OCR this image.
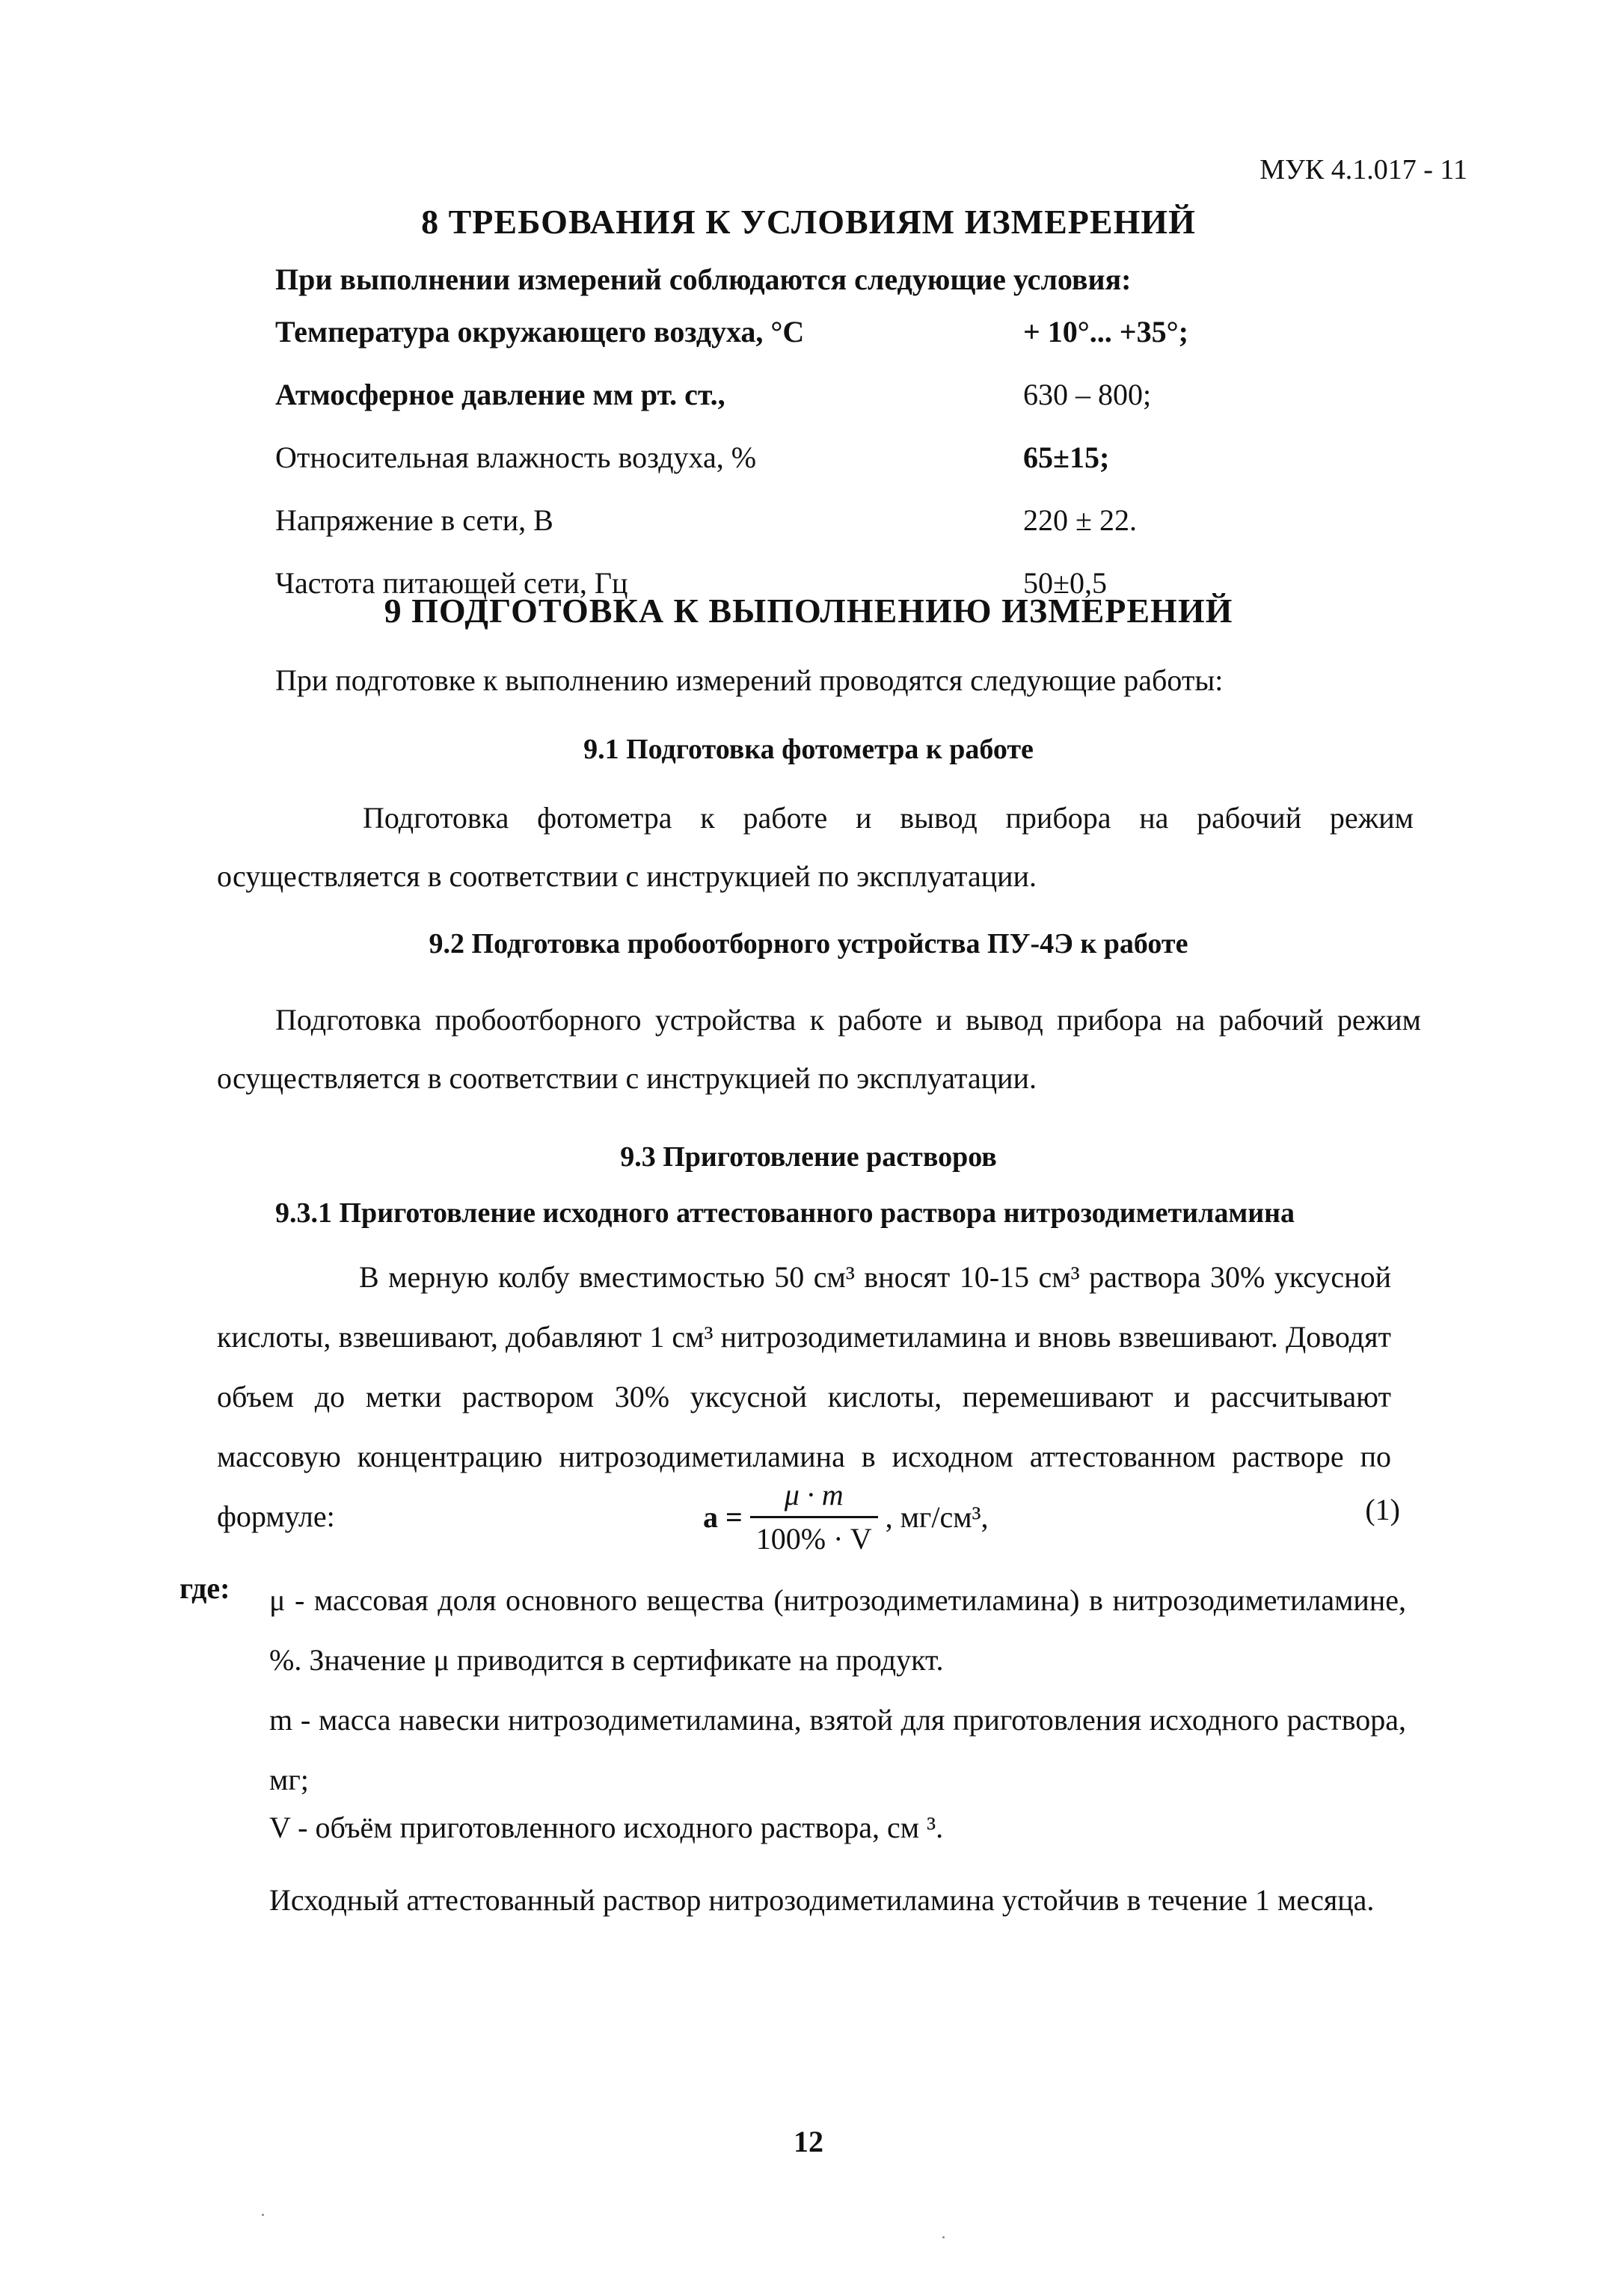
МУК 4.1.017 - 11
8 ТРЕБОВАНИЯ К УСЛОВИЯМ ИЗМЕРЕНИЙ
При выполнении измерений соблюдаются следующие условия:
Температура окружающего воздуха, °С	+ 10°... +35°;
Атмосферное давление мм рт. ст.,	630 – 800;
Относительная влажность воздуха, %	65±15;
Напряжение в сети, В	220 ± 22.
Частота питающей сети, Гц	50±0,5
9 ПОДГОТОВКА К ВЫПОЛНЕНИЮ ИЗМЕРЕНИЙ
При подготовке к выполнению измерений проводятся следующие работы:
9.1 Подготовка фотометра к работе
Подготовка фотометра к работе и вывод прибора на рабочий режим осуществляется в соответствии с инструкцией по эксплуатации.
9.2 Подготовка пробоотборного устройства ПУ-4Э к работе
Подготовка пробоотборного устройства к работе и вывод прибора на рабочий режим осуществляется в соответствии с инструкцией по эксплуатации.
9.3 Приготовление растворов
9.3.1 Приготовление исходного аттестованного раствора нитрозодиметиламина
В мерную колбу вместимостью 50 см³ вносят 10-15 см³ раствора 30% уксусной кислоты, взвешивают, добавляют 1 см³ нитрозодиметиламина и вновь взвешивают. Доводят объем до метки раствором 30% уксусной кислоты, перемешивают и рассчитывают массовую концентрацию нитрозодиметиламина в исходном аттестованном растворе по формуле:	$a = \frac{\mu \cdot m}{100\% \cdot V}$ , мг/см³,	(1)
где: μ - массовая доля основного вещества (нитрозодиметиламина) в нитрозодиметиламине, %. Значение μ приводится в сертификате на продукт.
m - масса навески нитрозодиметиламина, взятой для приготовления исходного раствора, мг;
V - объём приготовленного исходного раствора, см ³.
Исходный аттестованный раствор нитрозодиметиламина устойчив в течение 1 месяца.
12
